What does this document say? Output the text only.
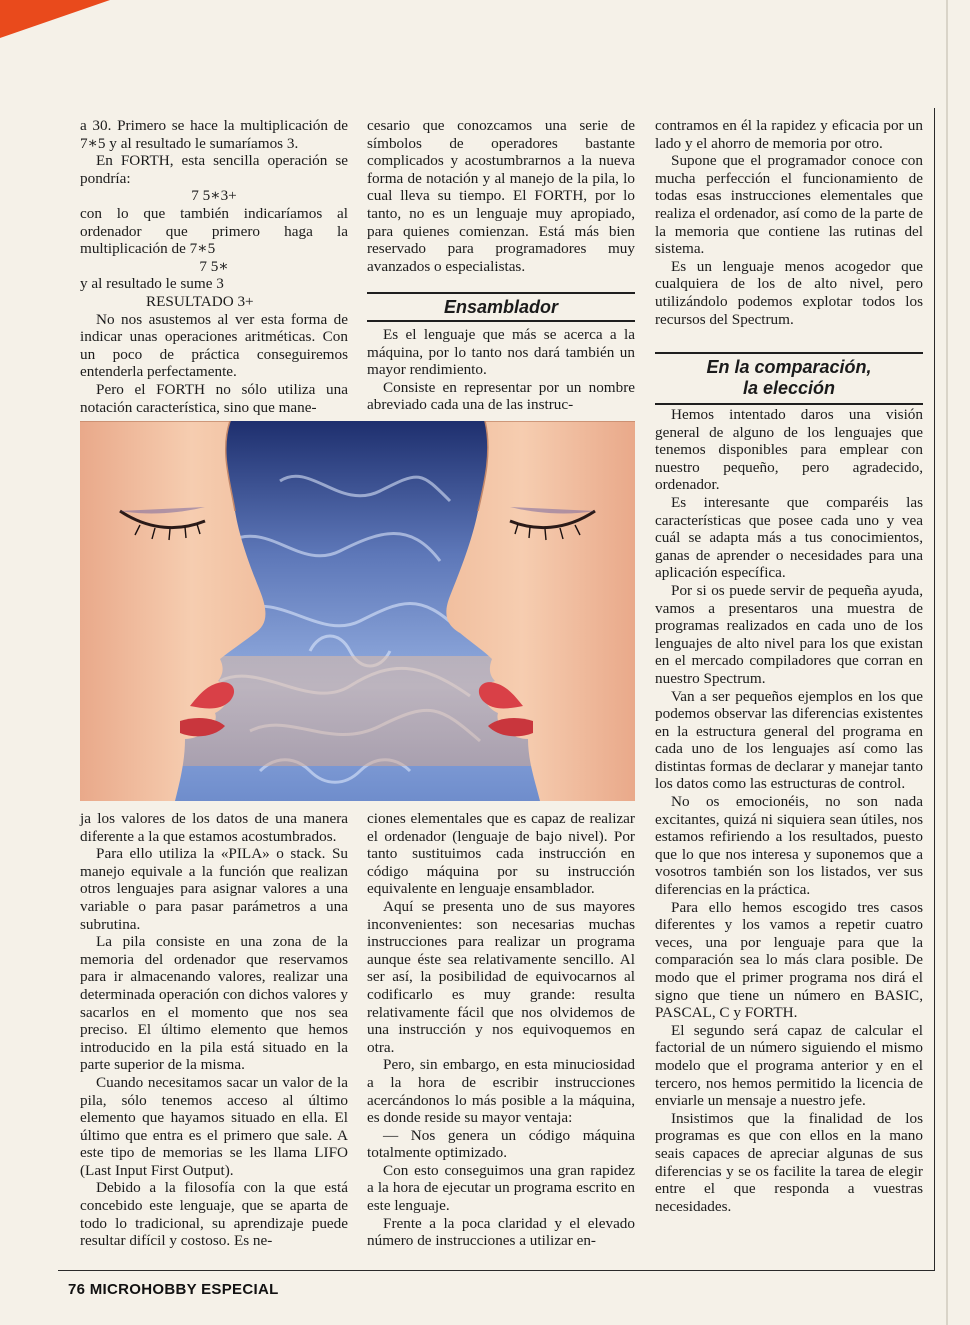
a 30. Primero se hace la multiplicación de 7∗5 y al resultado le sumaríamos 3.

En FORTH, esta sencilla operación se pondría:

7 5∗3+

con lo que también indicaríamos al ordenador que primero haga la multiplicación de 7∗5

7 5∗

y al resultado le sume 3

RESULTADO 3+

No nos asustemos al ver esta forma de indicar unas operaciones aritméticas. Con un poco de práctica conseguiremos entenderla perfectamente.

Pero el FORTH no sólo utiliza una notación característica, sino que mane-

cesario que conozcamos una serie de símbolos de operadores bastante complicados y acostumbrarnos a la nueva forma de notación y al manejo de la pila, lo cual lleva su tiempo. El FORTH, por lo tanto, no es un lenguaje muy apropiado, para quienes comienzan. Está más bien reservado para programadores muy avanzados o especialistas.

Ensamblador

Es el lenguaje que más se acerca a la máquina, por lo tanto nos dará también un mayor rendimiento.

Consiste en representar por un nombre abreviado cada una de las instruc-

contramos en él la rapidez y eficacia por un lado y el ahorro de memoria por otro.

Supone que el programador conoce con mucha perfección el funcionamiento de todas esas instrucciones elementales que realiza el ordenador, así como de la parte de la memoria que contiene las rutinas del sistema.

Es un lenguaje menos acogedor que cualquiera de los de alto nivel, pero utilizándolo podemos explotar todos los recursos del Spectrum.

En la comparación,
la elección

Hemos intentado daros una visión general de alguno de los lenguajes que tenemos disponibles para emplear con nuestro pequeño, pero agradecido, ordenador.

Es interesante que comparéis las características que posee cada uno y vea cuál se adapta más a tus conocimientos, ganas de aprender o necesidades para una aplicación específica.

Por si os puede servir de pequeña ayuda, vamos a presentaros una muestra de programas realizados en cada uno de los lenguajes de alto nivel para los que existan en el mercado compiladores que corran en nuestro Spectrum.

Van a ser pequeños ejemplos en los que podemos observar las diferencias existentes en la estructura general del programa en cada uno de los lenguajes así como las distintas formas de declarar y manejar tanto los datos como las estructuras de control.

No os emocionéis, no son nada excitantes, quizá ni siquiera sean útiles, nos estamos refiriendo a los resultados, puesto que lo que nos interesa y suponemos que a vosotros también son los listados, ver sus diferencias en la práctica.

Para ello hemos escogido tres casos diferentes y los vamos a repetir cuatro veces, una por lenguaje para que la comparación sea lo más clara posible. De modo que el primer programa nos dirá el signo que tiene un número en BASIC, PASCAL, C y FORTH.

El segundo será capaz de calcular el factorial de un número siguiendo el mismo modelo que el programa anterior y en el tercero, nos hemos permitido la licencia de enviarle un mensaje a nuestro jefe.

Insistimos que la finalidad de los programas es que con ellos en la mano seais capaces de apreciar algunas de sus diferencias y se os facilite la tarea de elegir entre el que responda a vuestras necesidades.

ja los valores de los datos de una manera diferente a la que estamos acostumbrados.

Para ello utiliza la «PILA» o stack. Su manejo equivale a la función que realizan otros lenguajes para asignar valores a una variable o para pasar parámetros a una subrutina.

La pila consiste en una zona de la memoria del ordenador que reservamos para ir almacenando valores, realizar una determinada operación con dichos valores y sacarlos en el momento que nos sea preciso. El último elemento que hemos introducido en la pila está situado en la parte superior de la misma.

Cuando necesitamos sacar un valor de la pila, sólo tenemos acceso al último elemento que hayamos situado en ella. El último que entra es el primero que sale. A este tipo de memorias se les llama LIFO (Last Input First Output).

Debido a la filosofía con la que está concebido este lenguaje, que se aparta de todo lo tradicional, su aprendizaje puede resultar difícil y costoso. Es ne-

ciones elementales que es capaz de realizar el ordenador (lenguaje de bajo nivel). Por tanto sustituimos cada instrucción en código máquina por su instrucción equivalente en lenguaje ensamblador.

Aquí se presenta uno de sus mayores inconvenientes: son necesarias muchas instrucciones para realizar un programa aunque éste sea relativamente sencillo. Al ser así, la posibilidad de equivocarnos al codificarlo es muy grande: resulta relativamente fácil que nos olvidemos de una instrucción y nos equivoquemos en otra.

Pero, sin embargo, en esta minuciosidad a la hora de escribir instrucciones acercándonos lo más posible a la máquina, es donde reside su mayor ventaja:

— Nos genera un código máquina totalmente optimizado.

Con esto conseguimos una gran rapidez a la hora de ejecutar un programa escrito en este lenguaje.

Frente a la poca claridad y el elevado número de instrucciones a utilizar en-

76 MICROHOBBY ESPECIAL
